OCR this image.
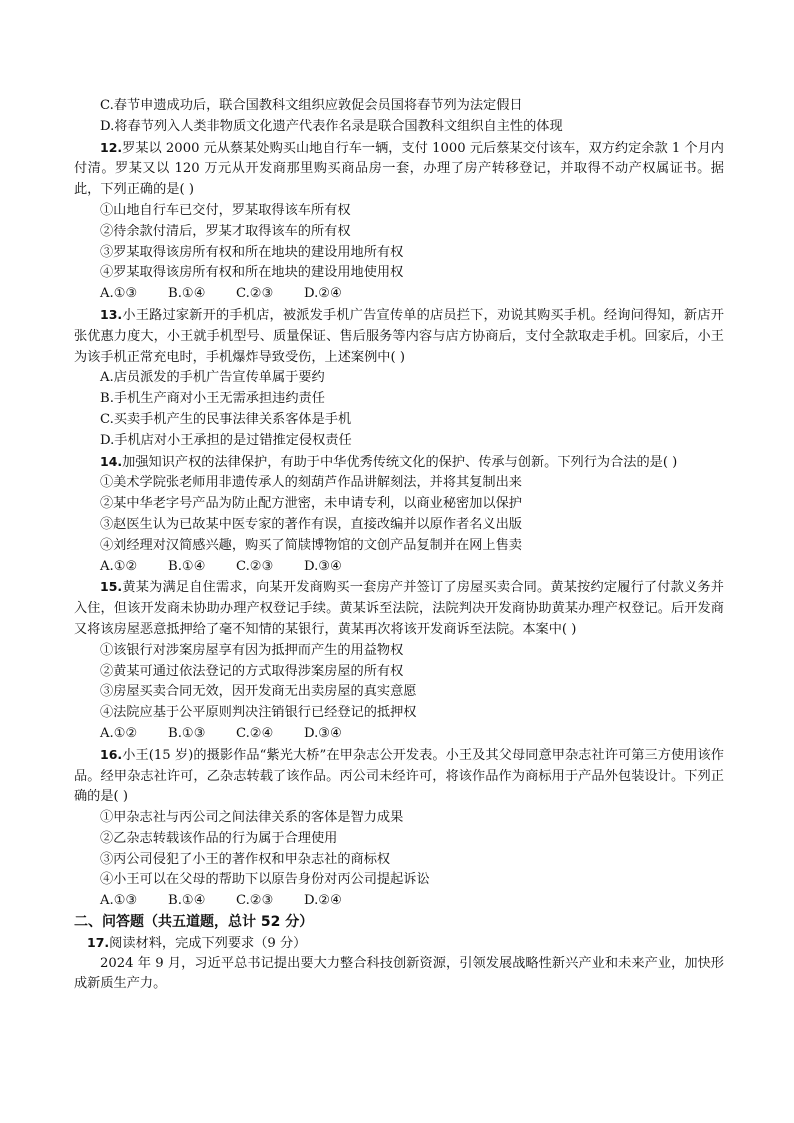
C.春节申遗成功后，联合国教科文组织应敦促会员国将春节列为法定假日
D.将春节列入人类非物质文化遗产代表作名录是联合国教科文组织自主性的体现
12.罗某以 2000 元从蔡某处购买山地自行车一辆，支付 1000 元后蔡某交付该车，双方约定余款 1 个月内付清。罗某又以 120 万元从开发商那里购买商品房一套，办理了房产转移登记，并取得不动产权属证书。据此，下列正确的是( )
①山地自行车已交付，罗某取得该车所有权
②待余款付清后，罗某才取得该车的所有权
③罗某取得该房所有权和所在地块的建设用地所有权
④罗某取得该房所有权和所在地块的建设用地使用权
A.①③ B.①④ C.②③ D.②④
13.小王路过家新开的手机店，被派发手机广告宣传单的店员拦下，劝说其购买手机。经询问得知，新店开张优惠力度大，小王就手机型号、质量保证、售后服务等内容与店方协商后，支付全款取走手机。回家后，小王为该手机正常充电时，手机爆炸导致受伤，上述案例中( )
A.店员派发的手机广告宣传单属于要约
B.手机生产商对小王无需承担违约责任
C.买卖手机产生的民事法律关系客体是手机
D.手机店对小王承担的是过错推定侵权责任
14.加强知识产权的法律保护，有助于中华优秀传统文化的保护、传承与创新。下列行为合法的是( )
①美术学院张老师用非遗传承人的刻葫芦作品讲解刻法，并将其复制出来
②某中华老字号产品为防止配方泄密，未申请专利，以商业秘密加以保护
③赵医生认为已故某中医专家的著作有误，直接改编并以原作者名义出版
④刘经理对汉简感兴趣，购买了简牍博物馆的文创产品复制并在网上售卖
A.①② B.①④ C.②③ D.③④
15.黄某为满足自住需求，向某开发商购买一套房产并签订了房屋买卖合同。黄某按约定履行了付款义务并入住，但该开发商未协助办理产权登记手续。黄某诉至法院，法院判决开发商协助黄某办理产权登记。后开发商又将该房屋恶意抵押给了毫不知情的某银行，黄某再次将该开发商诉至法院。本案中( )
①该银行对涉案房屋享有因为抵押而产生的用益物权
②黄某可通过依法登记的方式取得涉案房屋的所有权
③房屋买卖合同无效，因开发商无出卖房屋的真实意愿
④法院应基于公平原则判决注销银行已经登记的抵押权
A.①② B.①③ C.②④ D.③④
16.小王(15 岁)的摄影作品“紫光大桥”在甲杂志公开发表。小王及其父母同意甲杂志社许可第三方使用该作品。经甲杂志社许可，乙杂志转载了该作品。丙公司未经许可，将该作品作为商标用于产品外包装设计。下列正确的是( )
①甲杂志社与丙公司之间法律关系的客体是智力成果
②乙杂志转载该作品的行为属于合理使用
③丙公司侵犯了小王的著作权和甲杂志社的商标权
④小王可以在父母的帮助下以原告身份对丙公司提起诉讼
A.①③ B.①④ C.②③ D.②④
二、问答题（共五道题，总计 52 分）
17.阅读材料，完成下列要求（9 分）
2024 年 9 月，习近平总书记提出要大力整合科技创新资源，引领发展战略性新兴产业和未来产业，加快形成新质生产力。
